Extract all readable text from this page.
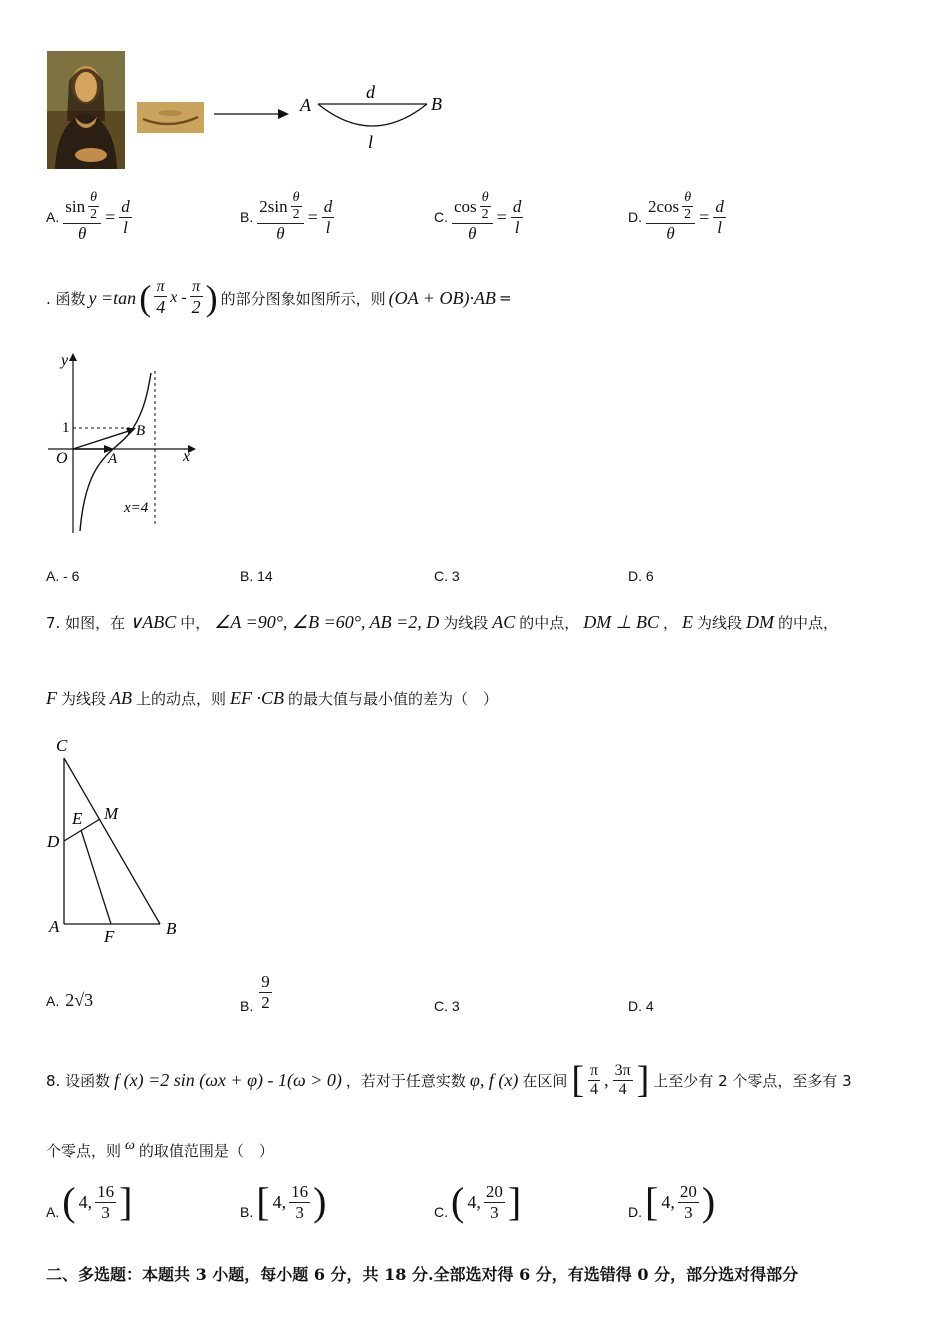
A	B
d
l
A. $\frac{\sin \frac{\theta}{2}}{\theta} = \frac{d}{l}$	B. $\frac{2 \sin \frac{\theta}{2}}{\theta} = \frac{d}{l}$	C. $\frac{\cos \frac{\theta}{2}}{\theta} = \frac{d}{l}$	D. $\frac{2 \cos \frac{\theta}{2}}{\theta} = \frac{d}{l}$
. 函数 y =tan ( $\frac{\pi}{4}$ x - $\frac{\pi}{2}$ ) 的部分图象如图所示，则 (OA + OB)·AB =
y
x
O	A
B
1
x=4
A. - 6	B. 14	C. 3	D. 6
7. 如图，在 ∨ABC 中， ∠A =90°, ∠B =60°, AB =2, D 为线段 AC 的中点， DM ⊥ BC ， E 为线段 DM 的中点，
F 为线段 AB 上的动点，则 EF ·CB 的最大值与最小值的差为（　）
C
M
E
D
A
F	B
A. 2√3	B. $\frac{9}{2}$	C. 3	D. 4
8. 设函数 f (x) =2 sin (ωx + φ) - 1(ω > 0) ，若对于任意实数 φ, f (x) 在区间 [ $\frac{\pi}{4}$ , $\frac{3\pi}{4}$ ] 上至少有 2 个零点，至多有 3
个零点，则 ω 的取值范围是（　）
A. ( 4, $\frac{16}{3}$ ]	B. [ 4, $\frac{16}{3}$ )	C. ( 4, $\frac{20}{3}$ ]	D. [ 4, $\frac{20}{3}$ )
二、多选题：本题共 3 小题，每小题 6 分，共 18 分.全部选对得 6 分，有选错得 0 分，部分选对得部分
